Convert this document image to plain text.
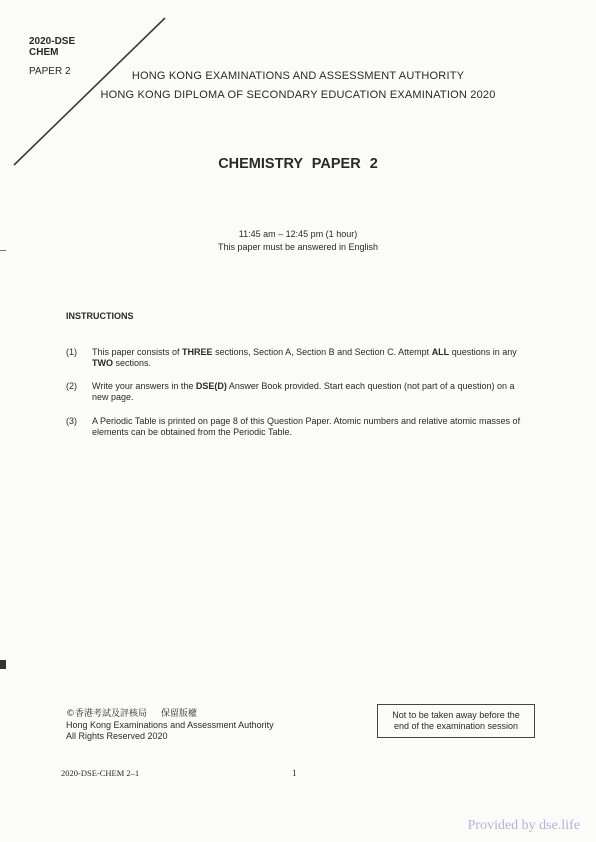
2020-DSE
CHEM
PAPER 2	HONG KONG EXAMINATIONS AND ASSESSMENT AUTHORITY
HONG KONG DIPLOMA OF SECONDARY EDUCATION EXAMINATION 2020
CHEMISTRY PAPER 2
11:45 am – 12:45 pm (1 hour)
This paper must be answered in English
INSTRUCTIONS
(1) This paper consists of THREE sections, Section A, Section B and Section C. Attempt ALL questions in any TWO sections.
(2) Write your answers in the DSE(D) Answer Book provided. Start each question (not part of a question) on a new page.
(3) A Periodic Table is printed on page 8 of this Question Paper. Atomic numbers and relative atomic masses of elements can be obtained from the Periodic Table.
©香港考試及評核局 保留版權
Hong Kong Examinations and Assessment Authority
All Rights Reserved 2020
Not to be taken away before the
end of the examination session
2020-DSE-CHEM 2–1	1
Provided by dse.life
